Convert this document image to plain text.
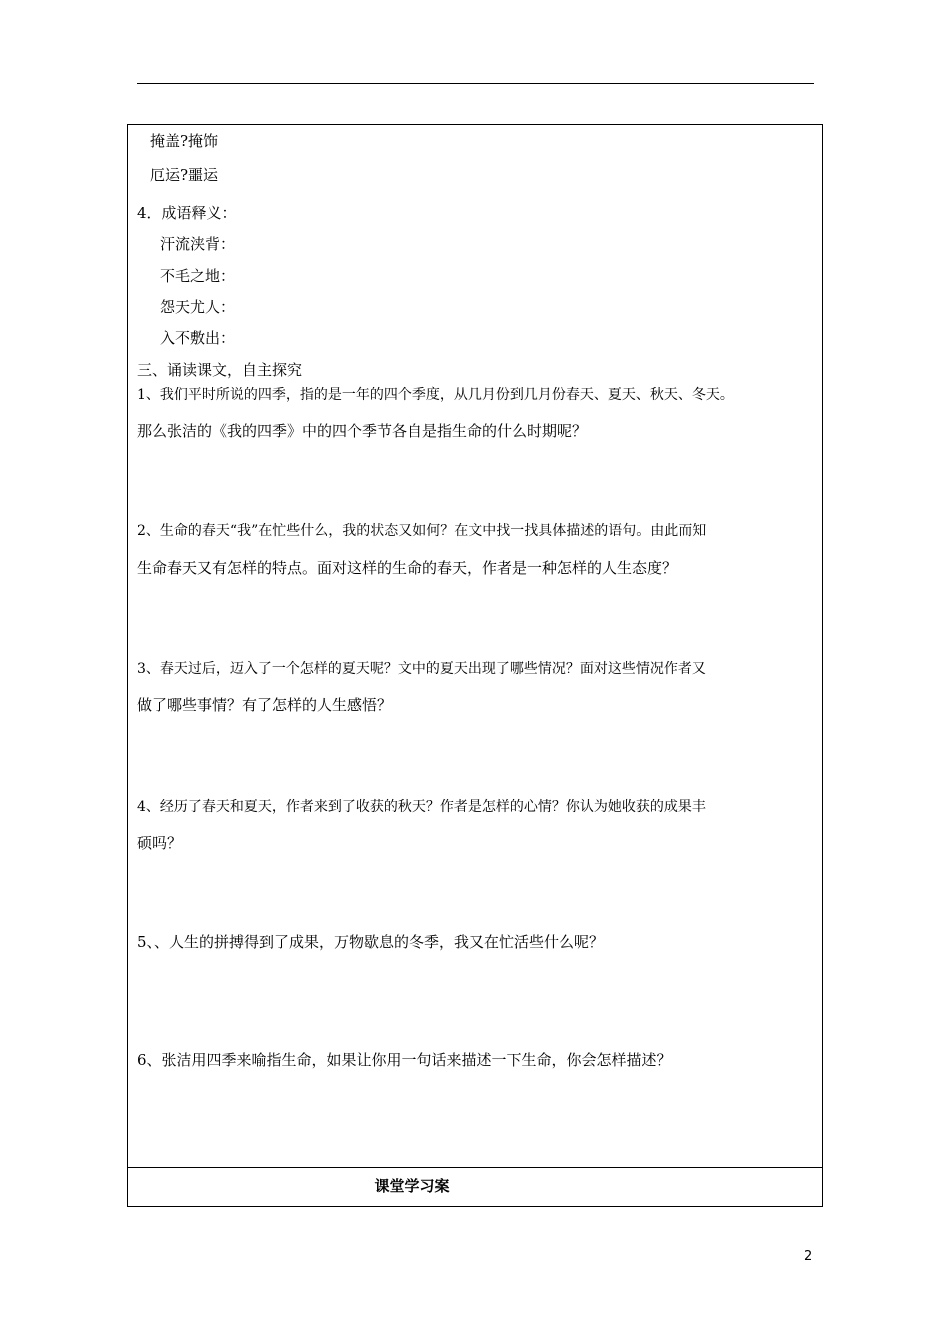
掩盖?掩饰
厄运?噩运
4．成语释义：
汗流浃背：
不毛之地：
怨天尤人：
入不敷出：
三、诵读课文，自主探究
1、我们平时所说的四季，指的是一年的四个季度，从几月份到几月份春天、夏天、秋天、冬天。
那么张洁的《我的四季》中的四个季节各自是指生命的什么时期呢？
2、生命的春天“我”在忙些什么，我的状态又如何？在文中找一找具体描述的语句。由此而知
生命春天又有怎样的特点。面对这样的生命的春天，作者是一种怎样的人生态度？
3、春天过后，迈入了一个怎样的夏天呢？文中的夏天出现了哪些情况？面对这些情况作者又
做了哪些事情？有了怎样的人生感悟？
4、经历了春天和夏天，作者来到了收获的秋天？作者是怎样的心情？你认为她收获的成果丰
硕吗？
5、、人生的拼搏得到了成果，万物歇息的冬季，我又在忙活些什么呢？
6、张洁用四季来喻指生命，如果让你用一句话来描述一下生命，你会怎样描述？
课堂学习案
2
